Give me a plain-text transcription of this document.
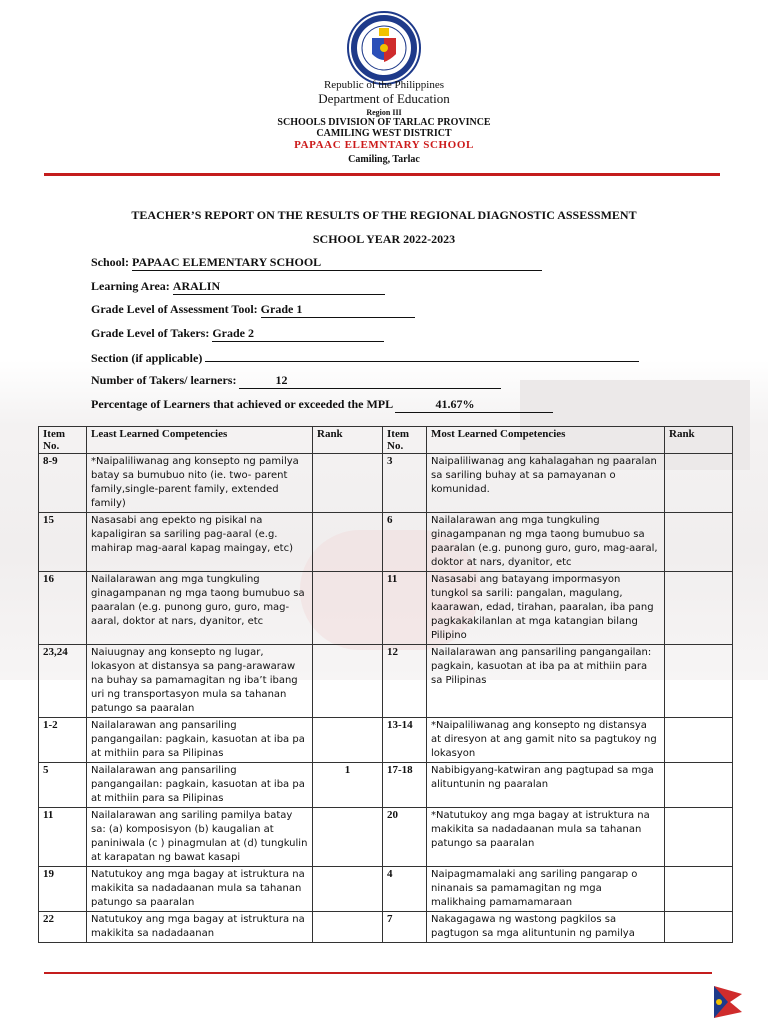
Republic of the Philippines
Department of Education
Region III
SCHOOLS DIVISION OF TARLAC PROVINCE
CAMILING WEST DISTRICT
PAPAAC ELEMNTARY SCHOOL
Camiling, Tarlac
TEACHER’S REPORT ON THE RESULTS OF THE REGIONAL DIAGNOSTIC ASSESSMENT
SCHOOL YEAR 2022-2023
School: PAPAAC ELEMENTARY SCHOOL
Learning Area: ARALIN
Grade Level of Assessment Tool: Grade 1
Grade Level of Takers: Grade 2
Section (if applicable)
Number of Takers/ learners:	12
Percentage of Learners that achieved or exceeded the MPL	41.67%
Item No.	Least Learned Competencies	Rank	Item No.	Most Learned Competencies	Rank
8-9	*Naipaliliwanag ang konsepto ng pamilya batay sa bumubuo nito (ie. two- parent family,single-parent family, extended family)		3	Naipaliliwanag ang kahalagahan ng paaralan sa sariling buhay at sa pamayanan o komunidad.	
15	Nasasabi ang epekto ng pisikal na kapaligiran sa sariling pag-aaral (e.g. mahirap mag-aaral kapag maingay, etc)		6	Nailalarawan ang mga tungkuling ginagampanan ng mga taong bumubuo sa paaralan (e.g. punong guro, guro, mag-aaral, doktor at nars, dyanitor, etc	
16	Nailalarawan ang mga tungkuling ginagampanan ng mga taong bumubuo sa paaralan (e.g. punong guro, guro, mag-aaral, doktor at nars, dyanitor, etc		11	Nasasabi ang batayang impormasyon tungkol sa sarili: pangalan, magulang, kaarawan, edad, tirahan, paaralan, iba pang pagkakakilanlan at mga katangian bilang Pilipino	
23,24	Naiuugnay ang konsepto ng lugar, lokasyon at distansya sa pang-arawaraw na buhay sa pamamagitan ng iba’t ibang uri ng transportasyon mula sa tahanan patungo sa paaralan		12	Nailalarawan ang pansariling pangangailan: pagkain, kasuotan at iba pa at mithiin para sa Pilipinas	
1-2	Nailalarawan ang pansariling pangangailan: pagkain, kasuotan at iba pa at mithiin para sa Pilipinas		13-14	*Naipaliliwanag ang konsepto ng distansya at diresyon at ang gamit nito sa pagtukoy ng lokasyon	
5	Nailalarawan ang pansariling pangangailan: pagkain, kasuotan at iba pa at mithiin para sa Pilipinas	1	17-18	Nabibigyang-katwiran ang pagtupad sa mga alituntunin ng paaralan	
11	Nailalarawan ang sariling pamilya batay sa: (a) komposisyon (b) kaugalian at paniniwala (c ) pinagmulan at (d) tungkulin at karapatan ng bawat kasapi		20	*Natutukoy ang mga bagay at istruktura na makikita sa nadadaanan mula sa tahanan patungo sa paaralan	
19	Natutukoy ang mga bagay at istruktura na makikita sa nadadaanan mula sa tahanan patungo sa paaralan		4	Naipagmamalaki ang sariling pangarap o ninanais sa pamamagitan ng mga malikhaing pamamamaraan	
22	Natutukoy ang mga bagay at istruktura na makikita sa nadadaanan		7	Nakagagawa ng wastong pagkilos sa pagtugon sa mga alituntunin ng pamilya	
